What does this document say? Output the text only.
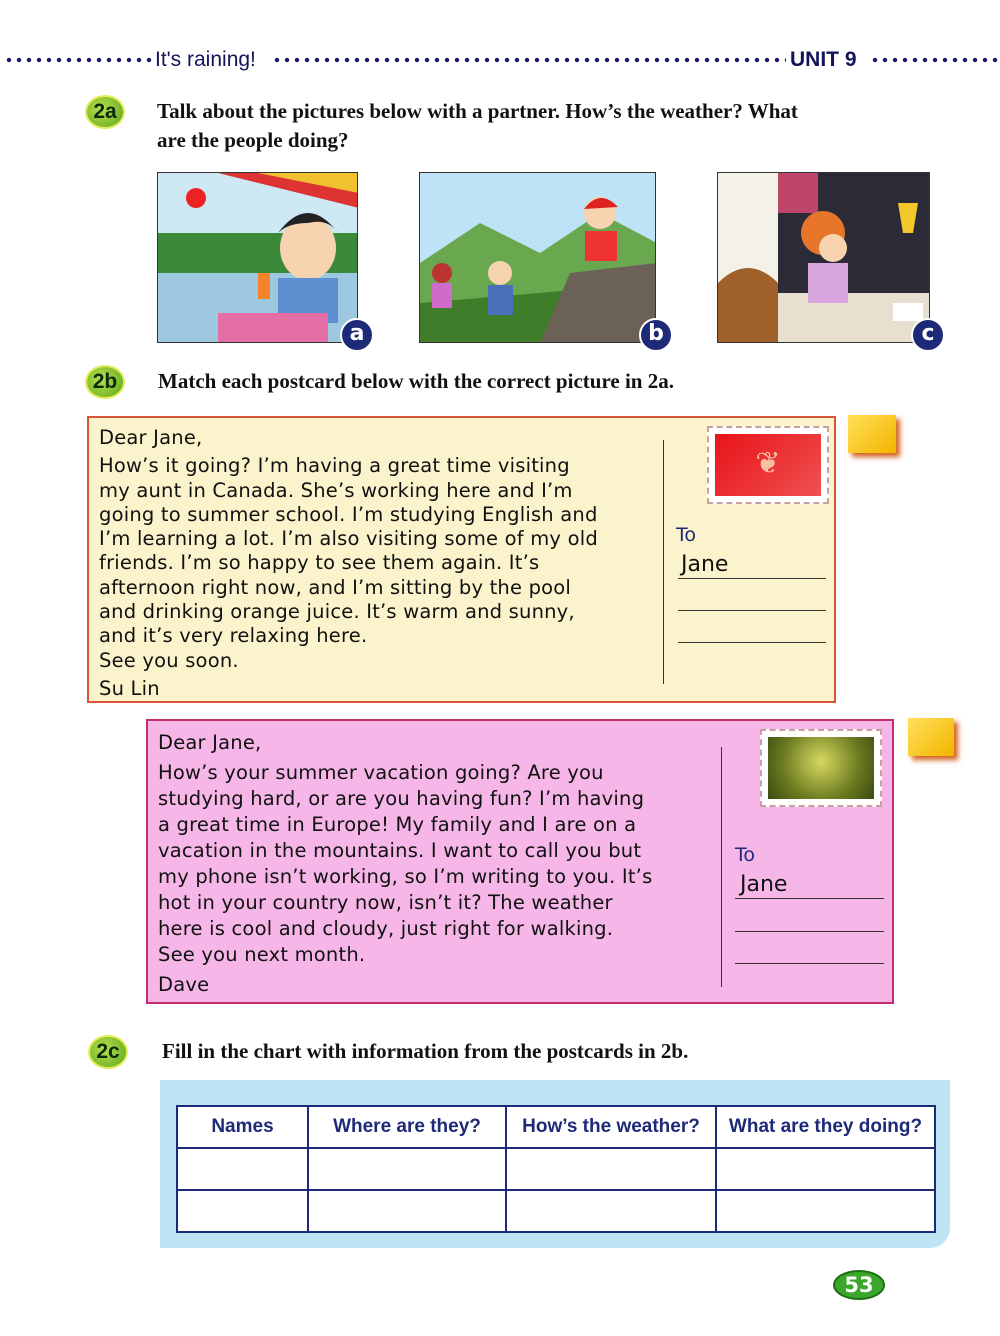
It's raining!	UNIT 9
2a	Talk about the pictures below with a partner. How’s the weather? What
are the people doing?
a	b	c
2b	Match each postcard below with the correct picture in 2a.

Dear Jane,

How’s it going? I’m having a great time visiting

my aunt in Canada. She’s working here and I’m

going to summer school. I’m studying English and

I’m learning a lot. I’m also visiting some of my old

friends. I’m so happy to see them again. It’s

afternoon right now, and I’m sitting by the pool

and drinking orange juice. It’s warm and sunny,

and it’s very relaxing here.

See you soon.

Su Lin

❦
To
Jane

Dear Jane,

How’s your summer vacation going? Are you

studying hard, or are you having fun? I’m having

a great time in Europe! My family and I are on a

vacation in the mountains. I want to call you but

my phone isn’t working, so I’m writing to you. It’s

hot in your country now, isn’t it? The weather

here is cool and cloudy, just right for walking.

See you next month.

Dave

To
Jane
2c	Fill in the chart with information from the postcards in 2b.
Names	Where are they?	How’s the weather?	What are they doing?

53
